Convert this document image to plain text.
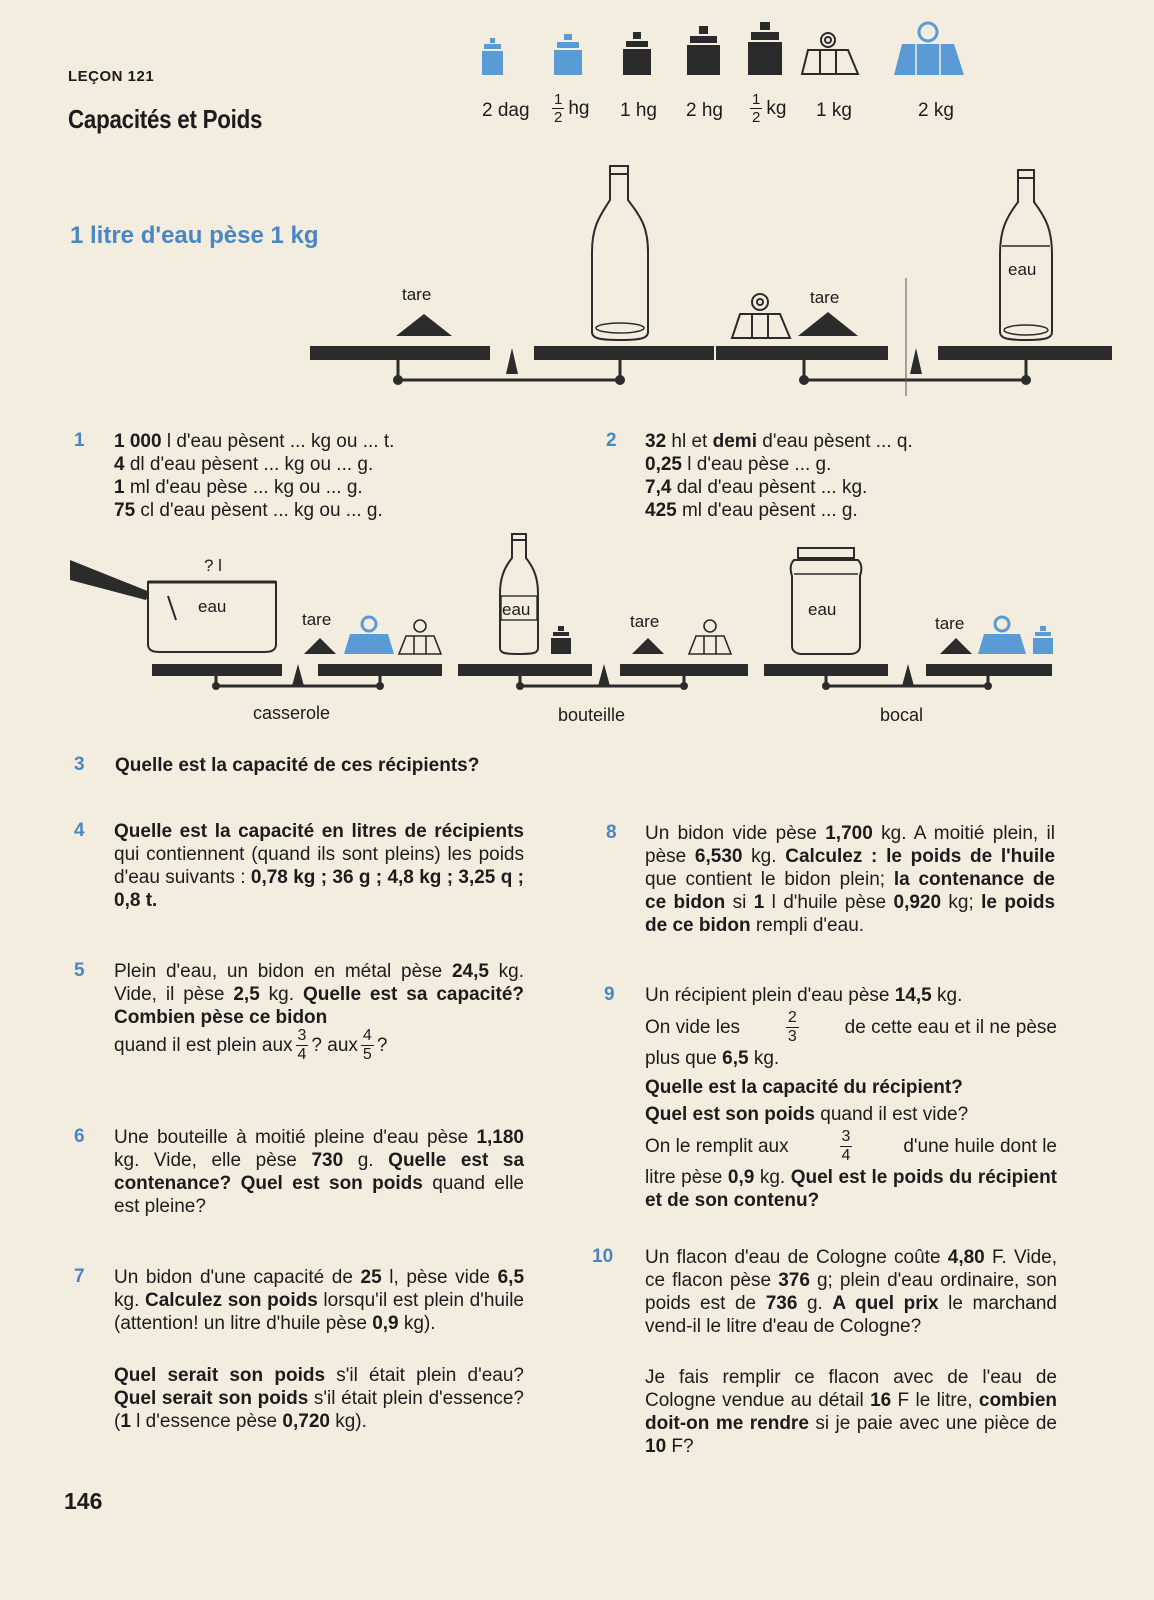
LEÇON 121
Capacités et Poids
1 litre d'eau pèse 1 kg
2 dag $\frac{1}{2}$ hg 1 hg 2 hg $\frac{1}{2}$ kg 1 kg	2 kg
tare	tare
eau
1 1 000 l d'eau pèsent ... kg ou ... t.
4 dl d'eau pèsent ... kg ou ... g.
1 ml d'eau pèse ... kg ou ... g.
75 cl d'eau pèsent ... kg ou ... g.
2 32 hl et demi d'eau pèsent ... q.
0,25 l d'eau pèse ... g.
7,4 dal d'eau pèsent ... kg.
425 ml d'eau pèsent ... g.
? l
eau
tare
eau
tare
eau
tare
casserole	bouteille	bocal
3 Quelle est la capacité de ces récipients?
4 Quelle est la capacité en litres de récipients qui contiennent (quand ils sont pleins) les poids d'eau suivants : 0,78 kg ; 36 g ; 4,8 kg ; 3,25 q ; 0,8 t.
5 Plein d'eau, un bidon en métal pèse 24,5 kg. Vide, il pèse 2,5 kg. Quelle est sa capacité? Combien pèse ce bidon
quand il est plein aux $\frac{3}{4}$ ? aux $\frac{4}{5}$ ?
6 Une bouteille à moitié pleine d'eau pèse 1,180 kg. Vide, elle pèse 730 g. Quelle est sa contenance? Quel est son poids quand elle est pleine?
7 Un bidon d'une capacité de 25 l, pèse vide 6,5 kg. Calculez son poids lorsqu'il est plein d'huile (attention! un litre d'huile pèse 0,9 kg).
Quel serait son poids s'il était plein d'eau? Quel serait son poids s'il était plein d'essence? (1 l d'essence pèse 0,720 kg).
8 Un bidon vide pèse 1,700 kg. A moitié plein, il pèse 6,530 kg. Calculez : le poids de l'huile que contient le bidon plein; la contenance de ce bidon si 1 l d'huile pèse 0,920 kg; le poids de ce bidon rempli d'eau.
9 Un récipient plein d'eau pèse 14,5 kg.
On vide les	$\frac{2}{3}$ de cette eau et il ne pèse
plus que 6,5 kg.
Quelle est la capacité du récipient?
Quel est son poids quand il est vide?
On le remplit aux	$\frac{3}{4}$	d'une huile dont le
litre pèse 0,9 kg. Quel est le poids du récipient et de son contenu?
10 Un flacon d'eau de Cologne coûte 4,80 F. Vide, ce flacon pèse 376 g; plein d'eau ordinaire, son poids est de 736 g. A quel prix le marchand vend-il le litre d'eau de Cologne?
Je fais remplir ce flacon avec de l'eau de Cologne vendue au détail 16 F le litre, combien doit-on me rendre si je paie avec une pièce de 10 F?
146
